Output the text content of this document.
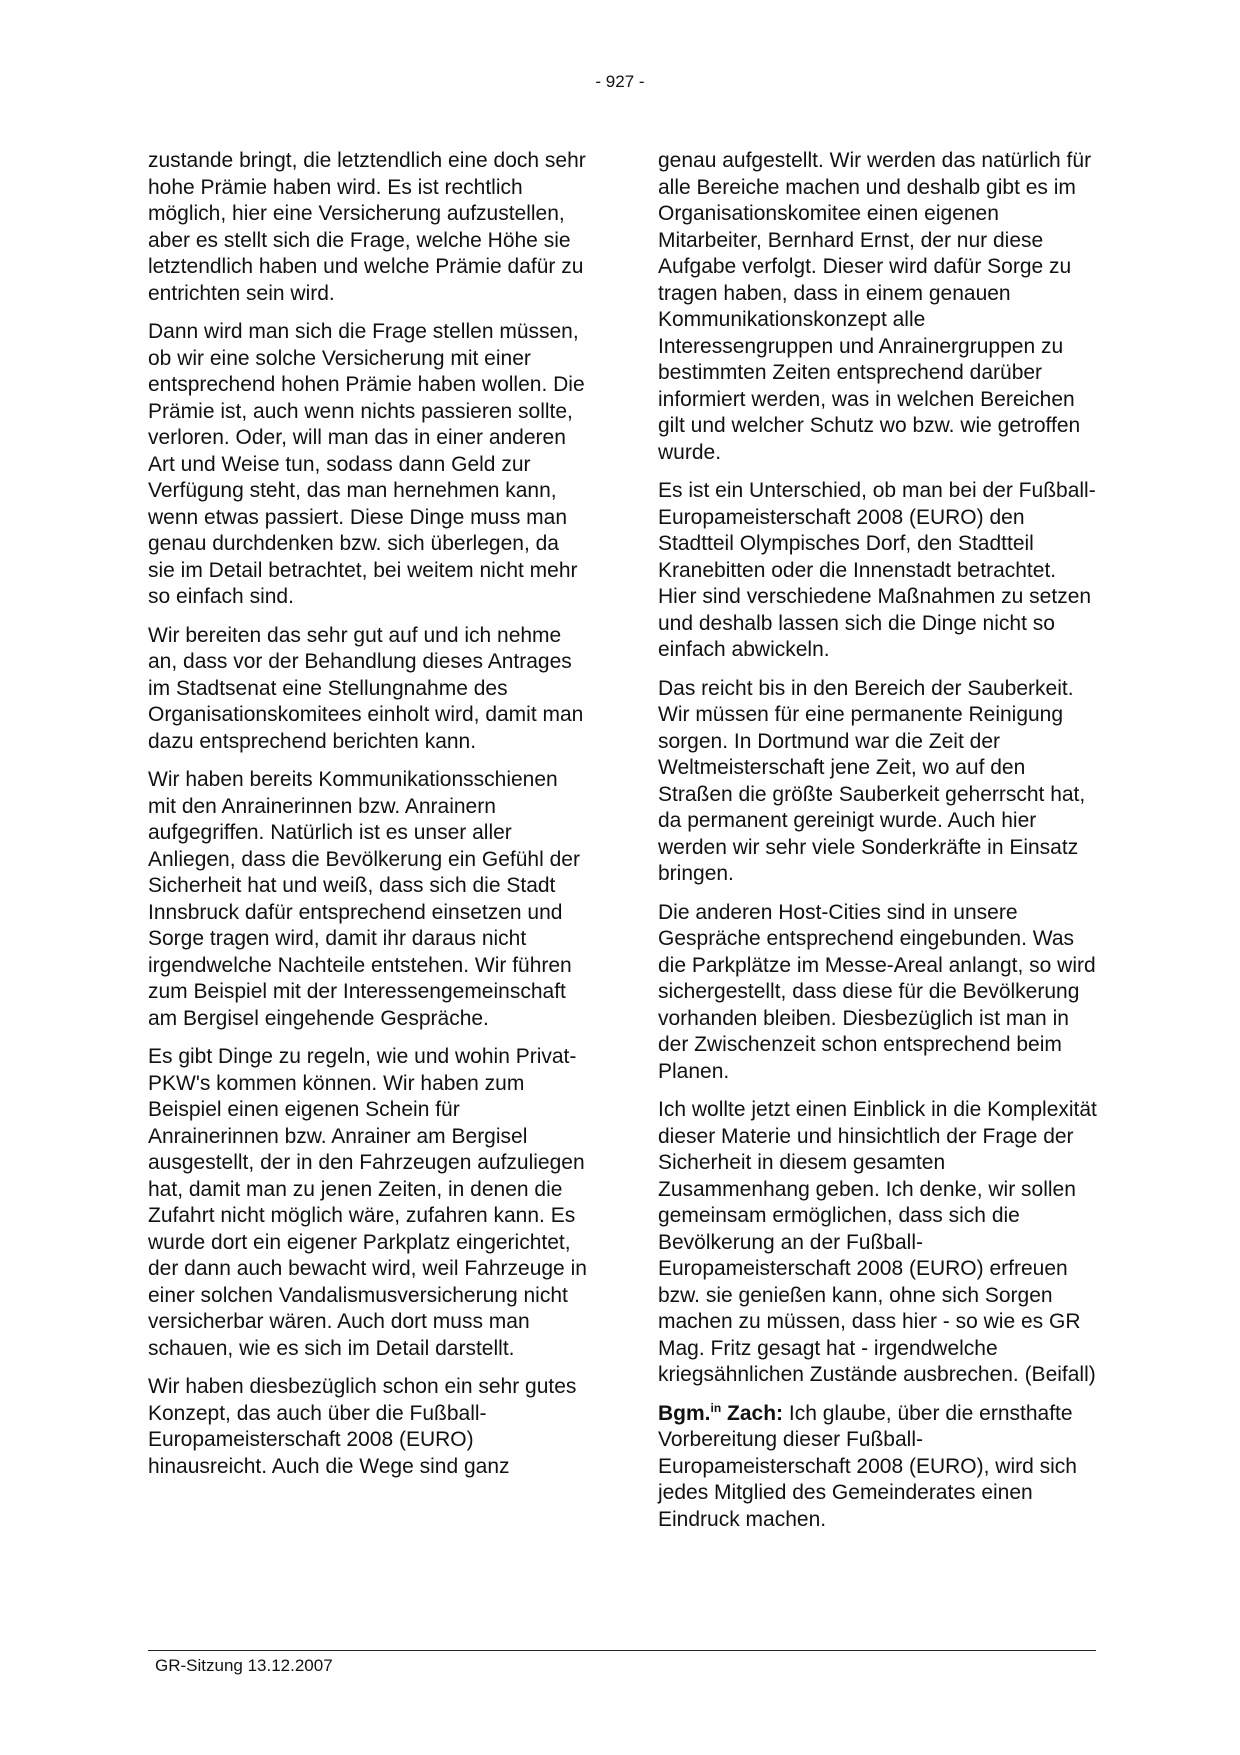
- 927 -

zustande bringt, die letztendlich eine doch sehr hohe Prämie haben wird. Es ist rechtlich möglich, hier eine Versicherung aufzustellen, aber es stellt sich die Frage, welche Höhe sie letztendlich haben und welche Prämie dafür zu entrichten sein wird.

Dann wird man sich die Frage stellen müssen, ob wir eine solche Versicherung mit einer entsprechend hohen Prämie haben wollen. Die Prämie ist, auch wenn nichts passieren sollte, verloren. Oder, will man das in einer anderen Art und Weise tun, sodass dann Geld zur Verfügung steht, das man hernehmen kann, wenn etwas passiert. Diese Dinge muss man genau durchdenken bzw. sich überlegen, da sie im Detail betrachtet, bei weitem nicht mehr so einfach sind.

Wir bereiten das sehr gut auf und ich nehme an, dass vor der Behandlung dieses Antrages im Stadtsenat eine Stellungnahme des Organisationskomitees einholt wird, damit man dazu entsprechend berichten kann.

Wir haben bereits Kommunikationsschienen mit den Anrainerinnen bzw. Anrainern aufgegriffen. Natürlich ist es unser aller Anliegen, dass die Bevölkerung ein Gefühl der Sicherheit hat und weiß, dass sich die Stadt Innsbruck dafür entsprechend einsetzen und Sorge tragen wird, damit ihr daraus nicht irgendwelche Nachteile entstehen. Wir führen zum Beispiel mit der Interessengemeinschaft am Bergisel eingehende Gespräche.

Es gibt Dinge zu regeln, wie und wohin Privat-PKW's kommen können. Wir haben zum Beispiel einen eigenen Schein für Anrainerinnen bzw. Anrainer am Bergisel ausgestellt, der in den Fahrzeugen aufzuliegen hat, damit man zu jenen Zeiten, in denen die Zufahrt nicht möglich wäre, zufahren kann. Es wurde dort ein eigener Parkplatz eingerichtet, der dann auch bewacht wird, weil Fahrzeuge in einer solchen Vandalismusversicherung nicht versicherbar wären. Auch dort muss man schauen, wie es sich im Detail darstellt.

Wir haben diesbezüglich schon ein sehr gutes Konzept, das auch über die Fußball-Europameisterschaft 2008 (EURO) hinausreicht. Auch die Wege sind ganz

genau aufgestellt. Wir werden das natürlich für alle Bereiche machen und deshalb gibt es im Organisationskomitee einen eigenen Mitarbeiter, Bernhard Ernst, der nur diese Aufgabe verfolgt. Dieser wird dafür Sorge zu tragen haben, dass in einem genauen Kommunikationskonzept alle Interessengruppen und Anrainergruppen zu bestimmten Zeiten entsprechend darüber informiert werden, was in welchen Bereichen gilt und welcher Schutz wo bzw. wie getroffen wurde.

Es ist ein Unterschied, ob man bei der Fußball-Europameisterschaft 2008 (EURO) den Stadtteil Olympisches Dorf, den Stadtteil Kranebitten oder die Innenstadt betrachtet. Hier sind verschiedene Maßnahmen zu setzen und deshalb lassen sich die Dinge nicht so einfach abwickeln.

Das reicht bis in den Bereich der Sauberkeit. Wir müssen für eine permanente Reinigung sorgen. In Dortmund war die Zeit der Weltmeisterschaft jene Zeit, wo auf den Straßen die größte Sauberkeit geherrscht hat, da permanent gereinigt wurde. Auch hier werden wir sehr viele Sonderkräfte in Einsatz bringen.

Die anderen Host-Cities sind in unsere Gespräche entsprechend eingebunden. Was die Parkplätze im Messe-Areal anlangt, so wird sichergestellt, dass diese für die Bevölkerung vorhanden bleiben. Diesbezüglich ist man in der Zwischenzeit schon entsprechend beim Planen.

Ich wollte jetzt einen Einblick in die Komplexität dieser Materie und hinsichtlich der Frage der Sicherheit in diesem gesamten Zusammenhang geben. Ich denke, wir sollen gemeinsam ermöglichen, dass sich die Bevölkerung an der Fußball-Europameisterschaft 2008 (EURO) erfreuen bzw. sie genießen kann, ohne sich Sorgen machen zu müssen, dass hier - so wie es GR Mag. Fritz gesagt hat - irgendwelche kriegsähnlichen Zustände ausbrechen. (Beifall)

Bgm.$^{in}$ Zach: Ich glaube, über die ernsthafte Vorbereitung dieser Fußball-Europameisterschaft 2008 (EURO), wird sich jedes Mitglied des Gemeinderates einen Eindruck machen.

GR-Sitzung 13.12.2007
